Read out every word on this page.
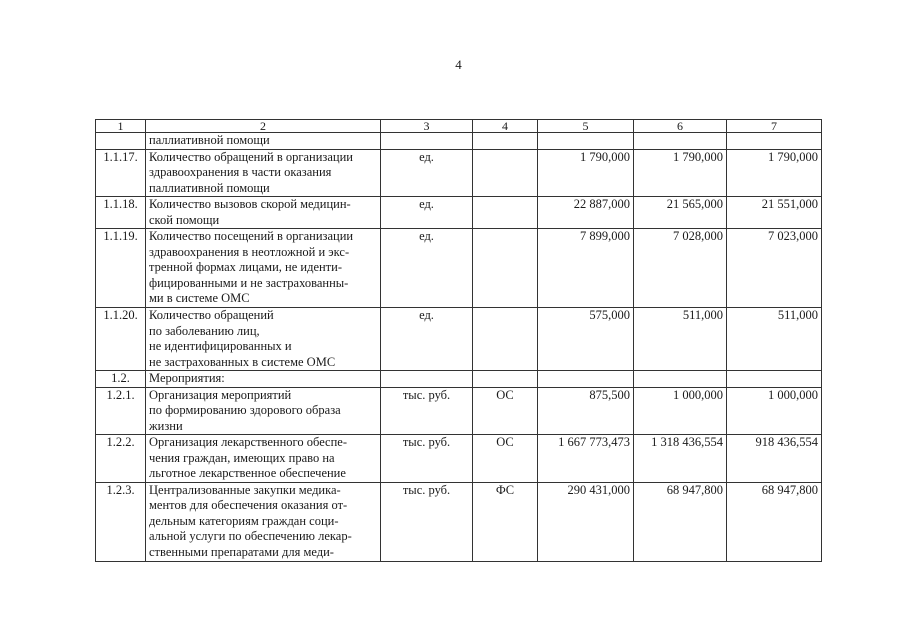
4
1	2	3	4	5	6	7
	паллиативной помощи					
1.1.17.	Количество обращений в организации
здравоохранения в части оказания
паллиативной помощи	ед.		1 790,000	1 790,000	1 790,000
1.1.18.	Количество вызовов скорой медицин-
ской помощи	ед.		22 887,000	21 565,000	21 551,000
1.1.19.	Количество посещений в организации
здравоохранения в неотложной и экс-
тренной формах лицами, не иденти-
фицированными и не застрахованны-
ми в системе ОМС	ед.		7 899,000	7 028,000	7 023,000
1.1.20.	Количество обращений
по заболеванию лиц,
не идентифицированных и
не застрахованных в системе ОМС	ед.		575,000	511,000	511,000
1.2.	Мероприятия:					
1.2.1.	Организация мероприятий
по формированию здорового образа
жизни	тыс. руб.	ОС	875,500	1 000,000	1 000,000
1.2.2.	Организация лекарственного обеспе-
чения граждан, имеющих право на
льготное лекарственное обеспечение	тыс. руб.	ОС	1 667 773,473	1 318 436,554	918 436,554
1.2.3.	Централизованные закупки медика-
ментов для обеспечения оказания от-
дельным категориям граждан соци-
альной услуги по обеспечению лекар-
ственными препаратами для меди-	тыс. руб.	ФС	290 431,000	68 947,800	68 947,800
